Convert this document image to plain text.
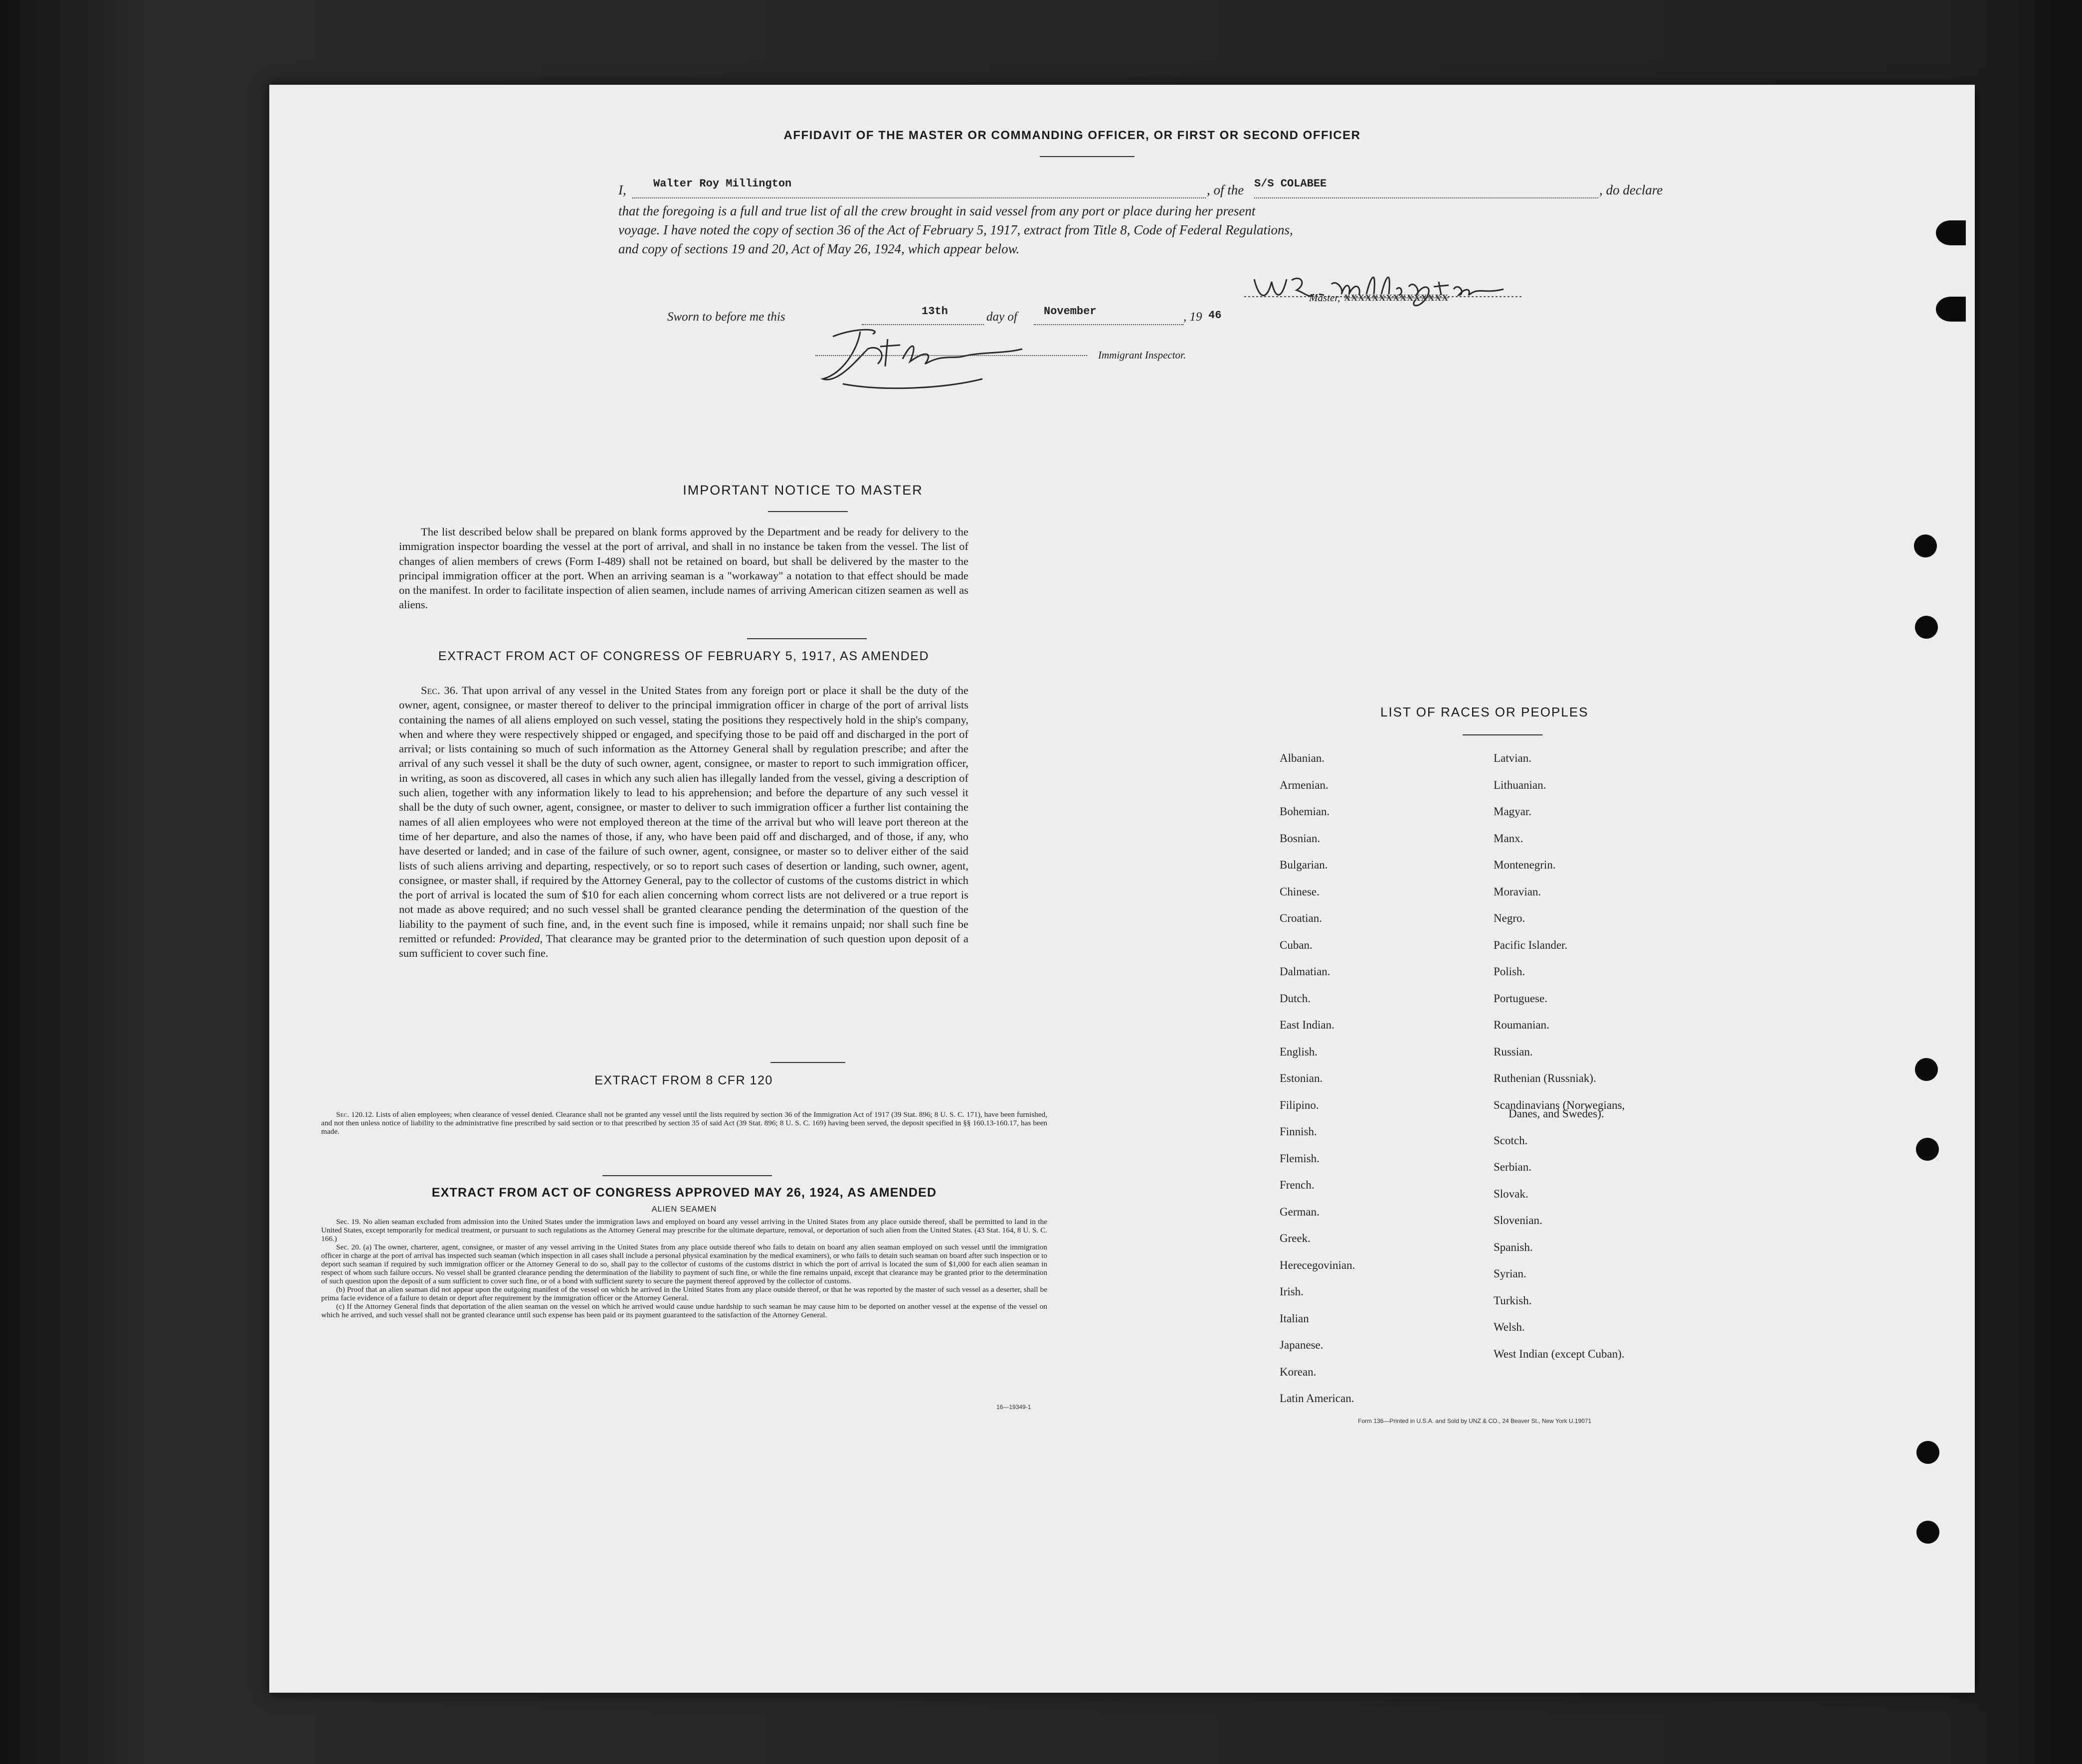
AFFIDAVIT OF THE MASTER OR COMMANDING OFFICER, OR FIRST OR SECOND OFFICER
I, Walter Roy Millington	, of the S/S COLABEE	, do declare
that the foregoing is a full and true list of all the crew brought in said vessel from any port or place during her present
voyage. I have noted the copy of section 36 of the Act of February 5, 1917, extract from Title 8, Code of Federal Regulations,
and copy of sections 19 and 20, Act of May 26, 1924, which appear below.
Master, XXXXXXXXXXXXXXX
Sworn to before me this	13th	day of November	, 19 46
Immigrant Inspector.
IMPORTANT NOTICE TO MASTER

The list described below shall be prepared on blank forms approved by the Department and be ready for delivery to the immigration inspector boarding the vessel at the port of arrival, and shall in no instance be taken from the vessel. The list of changes of alien members of crews (Form I-489) shall not be retained on board, but shall be delivered by the master to the principal immigration officer at the port. When an arriving seaman is a "workaway" a notation to that effect should be made on the manifest. In order to facilitate inspection of alien seamen, include names of arriving American citizen seamen as well as aliens.

EXTRACT FROM ACT OF CONGRESS OF FEBRUARY 5, 1917, AS AMENDED

Sec. 36. That upon arrival of any vessel in the United States from any foreign port or place it shall be the duty of the owner, agent, consignee, or master thereof to deliver to the principal immigration officer in charge of the port of arrival lists containing the names of all aliens employed on such vessel, stating the positions they respectively hold in the ship's company, when and where they were respectively shipped or engaged, and specifying those to be paid off and discharged in the port of arrival; or lists containing so much of such information as the Attorney General shall by regulation prescribe; and after the arrival of any such vessel it shall be the duty of such owner, agent, consignee, or master to report to such immigration officer, in writing, as soon as discovered, all cases in which any such alien has illegally landed from the vessel, giving a description of such alien, together with any information likely to lead to his apprehension; and before the departure of any such vessel it shall be the duty of such owner, agent, consignee, or master to deliver to such immigration officer a further list containing the names of all alien employees who were not employed thereon at the time of the arrival but who will leave port thereon at the time of her departure, and also the names of those, if any, who have been paid off and discharged, and of those, if any, who have deserted or landed; and in case of the failure of such owner, agent, consignee, or master so to deliver either of the said lists of such aliens arriving and departing, respectively, or so to report such cases of desertion or landing, such owner, agent, consignee, or master shall, if required by the Attorney General, pay to the collector of customs of the customs district in which the port of arrival is located the sum of $10 for each alien concerning whom correct lists are not delivered or a true report is not made as above required; and no such vessel shall be granted clearance pending the determination of the question of the liability to the payment of such fine, and, in the event such fine is imposed, while it remains unpaid; nor shall such fine be remitted or refunded: Provided, That clearance may be granted prior to the determination of such question upon deposit of a sum sufficient to cover such fine.

EXTRACT FROM 8 CFR 120

Sec. 120.12. Lists of alien employees; when clearance of vessel denied. Clearance shall not be granted any vessel until the lists required by section 36 of the Immigration Act of 1917 (39 Stat. 896; 8 U. S. C. 171), have been furnished, and not then unless notice of liability to the administrative fine prescribed by said section or to that prescribed by section 35 of said Act (39 Stat. 896; 8 U. S. C. 169) having been served, the deposit specified in §§ 160.13-160.17, has been made.

EXTRACT FROM ACT OF CONGRESS APPROVED MAY 26, 1924, AS AMENDED
ALIEN SEAMEN

Sec. 19. No alien seaman excluded from admission into the United States under the immigration laws and employed on board any vessel arriving in the United States from any place outside thereof, shall be permitted to land in the United States, except temporarily for medical treatment, or pursuant to such regulations as the Attorney General may prescribe for the ultimate departure, removal, or deportation of such alien from the United States. (43 Stat. 164, 8 U. S. C. 166.)

Sec. 20. (a) The owner, charterer, agent, consignee, or master of any vessel arriving in the United States from any place outside thereof who fails to detain on board any alien seaman employed on such vessel until the immigration officer in charge at the port of arrival has inspected such seaman (which inspection in all cases shall include a personal physical examination by the medical examiners), or who fails to detain such seaman on board after such inspection or to deport such seaman if required by such immigration officer or the Attorney General to do so, shall pay to the collector of customs of the customs district in which the port of arrival is located the sum of $1,000 for each alien seaman in respect of whom such failure occurs. No vessel shall be granted clearance pending the determination of the liability to payment of such fine, or while the fine remains unpaid, except that clearance may be granted prior to the determination of such question upon the deposit of a sum sufficient to cover such fine, or of a bond with sufficient surety to secure the payment thereof approved by the collector of customs.

(b) Proof that an alien seaman did not appear upon the outgoing manifest of the vessel on which he arrived in the United States from any place outside thereof, or that he was reported by the master of such vessel as a deserter, shall be prima facie evidence of a failure to detain or deport after requirement by the immigration officer or the Attorney General.

(c) If the Attorney General finds that deportation of the alien seaman on the vessel on which he arrived would cause undue hardship to such seaman he may cause him to be deported on another vessel at the expense of the vessel on which he arrived, and such vessel shall not be granted clearance until such expense has been paid or its payment guaranteed to the satisfaction of the Attorney General.

16—19349-1
LIST OF RACES OR PEOPLES
Form 136—Printed in U.S.A. and Sold by UNZ & CO., 24 Beaver St., New York U.19071
Albanian.
Armenian.
Bohemian.
Bosnian.
Bulgarian.
Chinese.
Croatian.
Cuban.
Dalmatian.
Dutch.
East Indian.
English.
Estonian.
Filipino.
Finnish.
Flemish.
French.
German.
Greek.
Herecegovinian.
Irish.
Italian
Japanese.
Korean.
Latin American.
Latvian.
Lithuanian.
Magyar.
Manx.
Montenegrin.
Moravian.
Negro.
Pacific Islander.
Polish.
Portuguese.
Roumanian.
Russian.
Ruthenian (Russniak).
Scandinavians (Norwegians,
Danes, and Swedes).
Scotch.
Serbian.
Slovak.
Slovenian.
Spanish.
Syrian.
Turkish.
Welsh.
West Indian (except Cuban).
